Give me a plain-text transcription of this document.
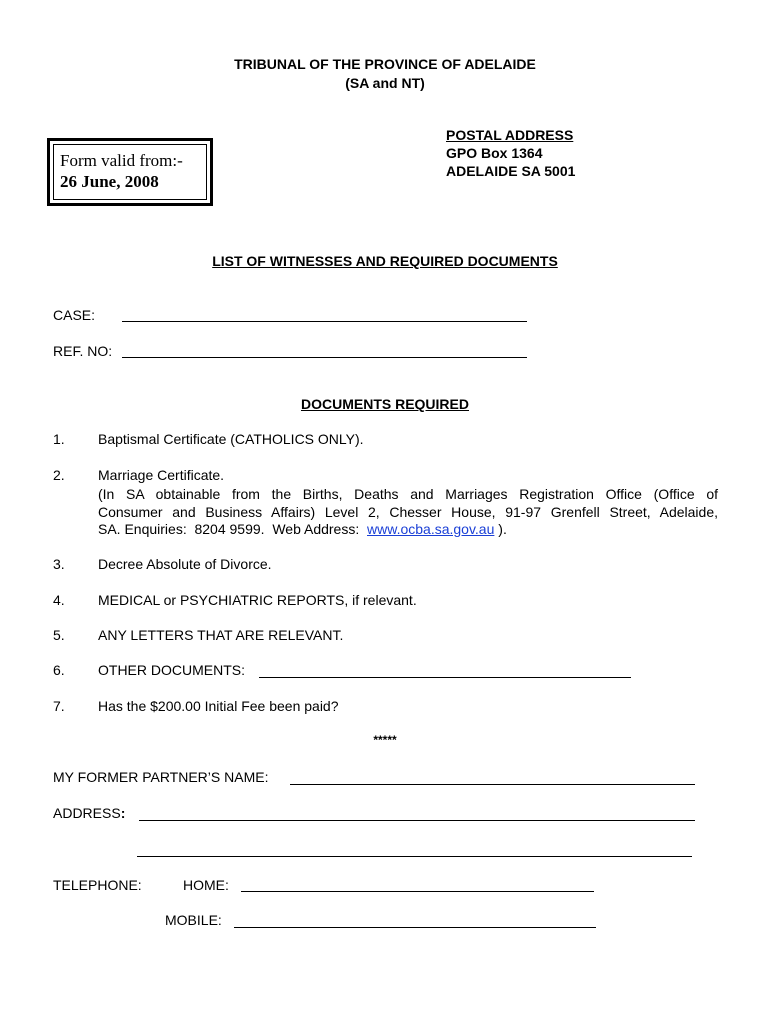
TRIBUNAL OF THE PROVINCE OF ADELAIDE
(SA and NT)
Form valid from:-
26 June, 2008
POSTAL ADDRESS
GPO Box 1364
ADELAIDE SA 5001
LIST OF WITNESSES AND REQUIRED DOCUMENTS
CASE:
REF. NO:
DOCUMENTS REQUIRED
1. Baptismal Certificate (CATHOLICS ONLY).
2. Marriage Certificate.
(In SA obtainable from the Births, Deaths and Marriages Registration Office (Office of
Consumer and Business Affairs) Level 2, Chesser House, 91-97 Grenfell Street, Adelaide,
SA. Enquiries:  8204 9599.  Web Address:  www.ocba.sa.gov.au ).
3. Decree Absolute of Divorce.
4. MEDICAL or PSYCHIATRIC REPORTS, if relevant.
5. ANY LETTERS THAT ARE RELEVANT.
6. OTHER DOCUMENTS:
7. Has the $200.00 Initial Fee been paid?
*****
MY FORMER PARTNER’S NAME:
ADDRESS:
TELEPHONE:	HOME:
MOBILE:
